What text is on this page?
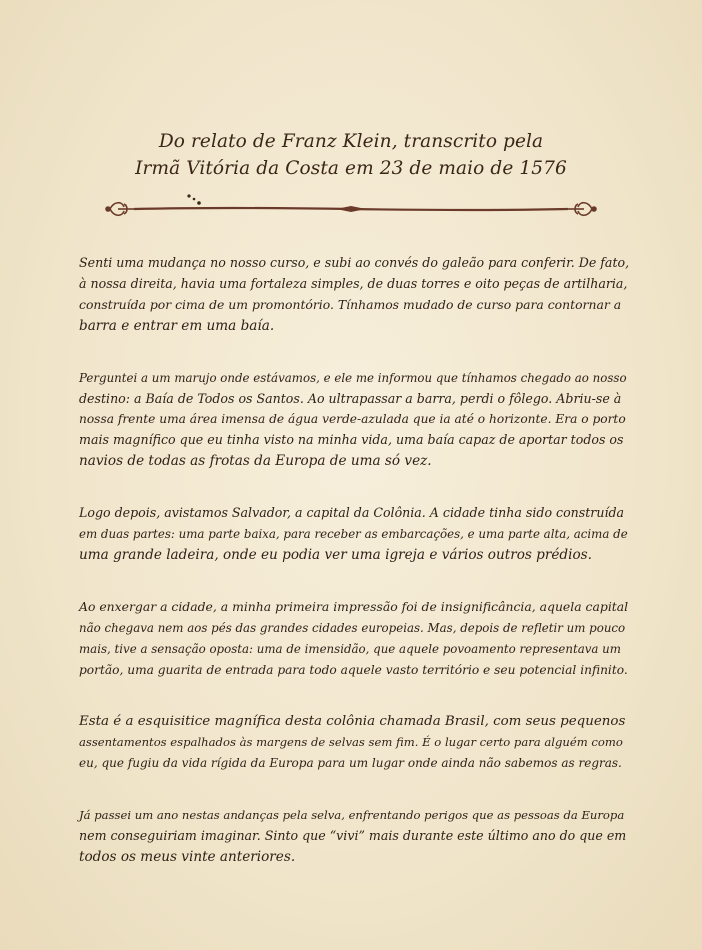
Do relato de Franz Klein, transcrito pela
Irmã Vitória da Costa em 23 de maio de 1576
Senti uma mudança no nosso curso, e subi ao convés do galeão para conferir. De fato,
à nossa direita, havia uma fortaleza simples, de duas torres e oito peças de artilharia,
construída por cima de um promontório. Tínhamos mudado de curso para contornar a
barra e entrar em uma baía.
Perguntei a um marujo onde estávamos, e ele me informou que tínhamos chegado ao nosso
destino: a Baía de Todos os Santos. Ao ultrapassar a barra, perdi o fôlego. Abriu-se à
nossa frente uma área imensa de água verde-azulada que ia até o horizonte. Era o porto
mais magnífico que eu tinha visto na minha vida, uma baía capaz de aportar todos os
navios de todas as frotas da Europa de uma só vez.
Logo depois, avistamos Salvador, a capital da Colônia. A cidade tinha sido construída
em duas partes: uma parte baixa, para receber as embarcações, e uma parte alta, acima de
uma grande ladeira, onde eu podia ver uma igreja e vários outros prédios.
Ao enxergar a cidade, a minha primeira impressão foi de insignificância, aquela capital
não chegava nem aos pés das grandes cidades europeias. Mas, depois de refletir um pouco
mais, tive a sensação oposta: uma de imensidão, que aquele povoamento representava um
portão, uma guarita de entrada para todo aquele vasto território e seu potencial infinito.
Esta é a esquisitice magnífica desta colônia chamada Brasil, com seus pequenos
assentamentos espalhados às margens de selvas sem fim. É o lugar certo para alguém como
eu, que fugiu da vida rígida da Europa para um lugar onde ainda não sabemos as regras.
Já passei um ano nestas andanças pela selva, enfrentando perigos que as pessoas da Europa
nem conseguiriam imaginar. Sinto que “vivi” mais durante este último ano do que em
todos os meus vinte anteriores.
